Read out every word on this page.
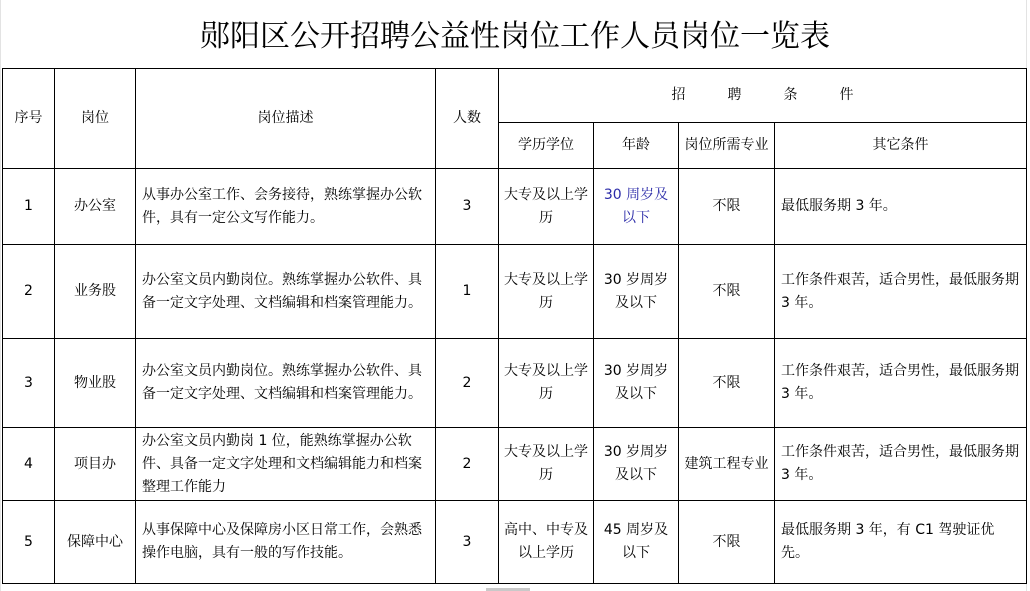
郧阳区公开招聘公益性岗位工作人员岗位一览表
序号	岗位	岗位描述	人数	招　　　聘　　　条　　　件			
				学历学位	年龄	岗位所需专业	其它条件
1	办公室	从事办公室工作、会务接待，熟练掌握办公软件，具有一定公文写作能力。	3	大专及以上学历	30 周岁及以下	不限	最低服务期 3 年。
2	业务股	办公室文员内勤岗位。熟练掌握办公软件、具备一定文字处理、文档编辑和档案管理能力。	1	大专及以上学历	30 岁周岁及以下	不限	工作条件艰苦，适合男性，最低服务期 3 年。
3	物业股	办公室文员内勤岗位。熟练掌握办公软件、具备一定文字处理、文档编辑和档案管理能力。	2	大专及以上学历	30 岁周岁及以下	不限	工作条件艰苦，适合男性，最低服务期 3 年。
4	项目办	办公室文员内勤岗 1 位，能熟练掌握办公软件、具备一定文字处理和文档编辑能力和档案整理工作能力	2	大专及以上学历	30 岁周岁及以下	建筑工程专业	工作条件艰苦，适合男性，最低服务期 3 年。
5	保障中心	从事保障中心及保障房小区日常工作，会熟悉操作电脑，具有一般的写作技能。	3	高中、中专及以上学历	45 周岁及以下	不限	最低服务期 3 年，有 C1 驾驶证优先。
